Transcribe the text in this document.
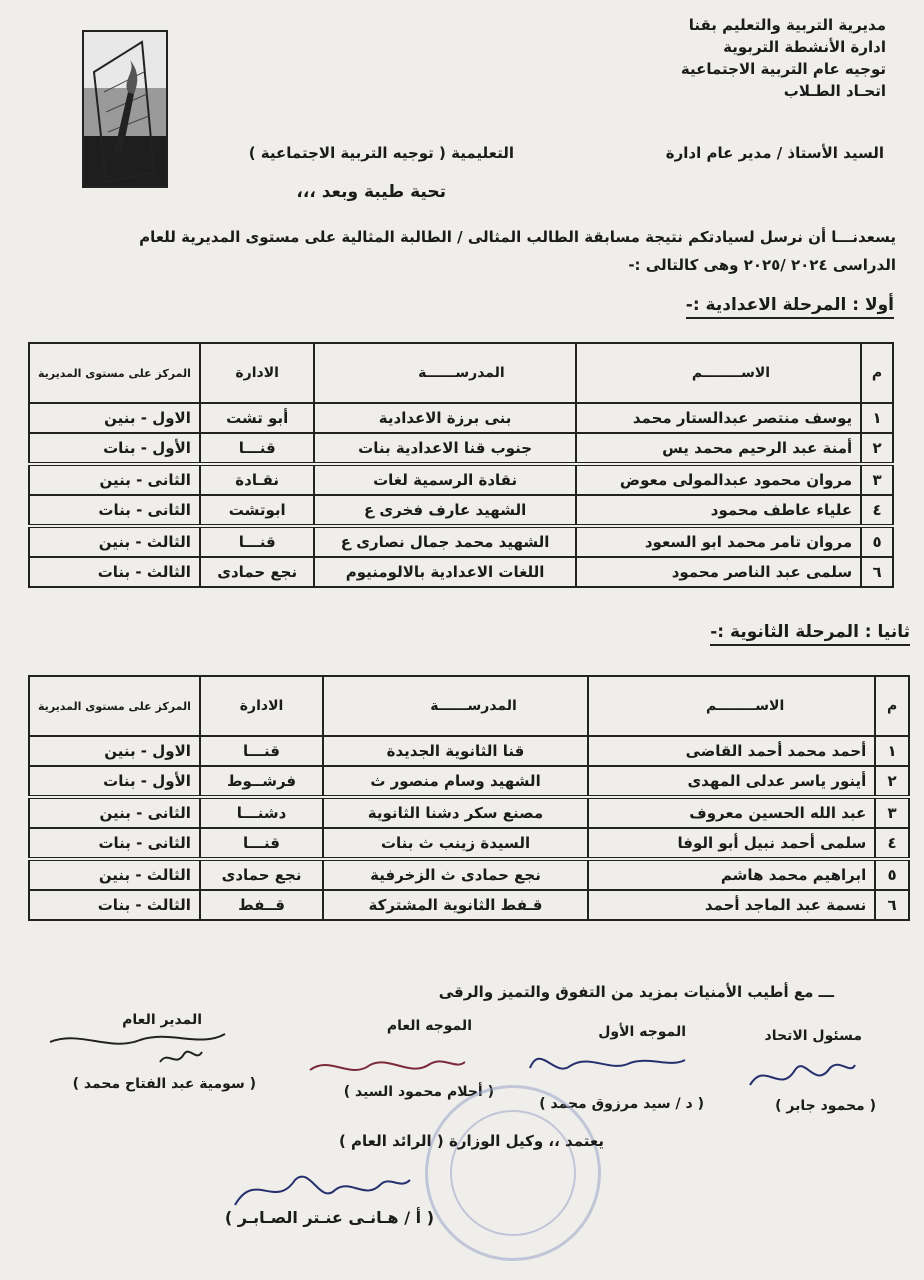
مديرية التربية والتعليم بقنا
ادارة الأنشطة التربوية
توجيه عام التربية الاجتماعية
اتحـاد الطـلاب
السيد الأستاذ / مدير عام ادارة
التعليمية ( توجيه التربية الاجتماعية )
تحية طيبة وبعد ،،،
يسعدنـــا أن نرسل لسيادتكم نتيجة مسابقة الطالب المثالى / الطالبة المثالية على مستوى المديرية للعام
الدراسى ٢٠٢٤ /٢٠٢٥ وهى كالتالى :-
أولا : المرحلة الاعدادية :-
م	الاســــــــم	المدرســــــة	الادارة	المركز على مستوى المديرية
١	يوسف منتصر عبدالستار محمد	بنى برزة الاعدادية	أبو تشت	الاول - بنين
٢	أمنة عبد الرحيم محمد يس	جنوب قنا الاعدادية بنات	قنـــا	الأول - بنات
٣	مروان محمود عبدالمولى معوض	نقادة الرسمية لغات	نقـادة	الثانى - بنين
٤	علياء عاطف محمود	الشهيد عارف فخرى ع	ابوتشت	الثانى - بنات
٥	مروان تامر محمد ابو السعود	الشهيد محمد جمال نصارى ع	قنـــا	الثالث - بنين
٦	سلمى عبد الناصر محمود	اللغات الاعدادية بالالومنيوم	نجع حمادى	الثالث - بنات
ثانيا : المرحلة الثانوية :-
م	الاســــــــم	المدرســــــة	الادارة	المركز على مستوى المديرية
١	أحمد محمد أحمد القاضى	قنا الثانوية الجديدة	قنـــا	الاول - بنين
٢	أينور ياسر عدلى المهدى	الشهيد وسام منصور ث	فرشــوط	الأول - بنات
٣	عبد الله الحسين معروف	مصنع سكر دشنا الثانوية	دشنـــا	الثانى - بنين
٤	سلمى أحمد نبيل أبو الوفا	السيدة زينب ث بنات	قنـــا	الثانى - بنات
٥	ابراهيم محمد هاشم	نجع حمادى ث الزخرفية	نجع حمادى	الثالث - بنين
٦	نسمة عبد الماجد أحمد	قـفط الثانوية المشتركة	قــفط	الثالث - بنات
ـــ مع أطيب الأمنيات بمزيد من التفوق والتميز والرقى
مسئول الاتحاد
( محمود جابر )
الموجه الأول
( د / سيد مرزوق محمد )
الموجه العام
( أحلام محمود السيد )
المدير العام
( سومية عبد الفتاح محمد )
يعتمد ،، وكيل الوزارة ( الرائد العام )
( أ / هـانـى عنـتر الصـابـر )
